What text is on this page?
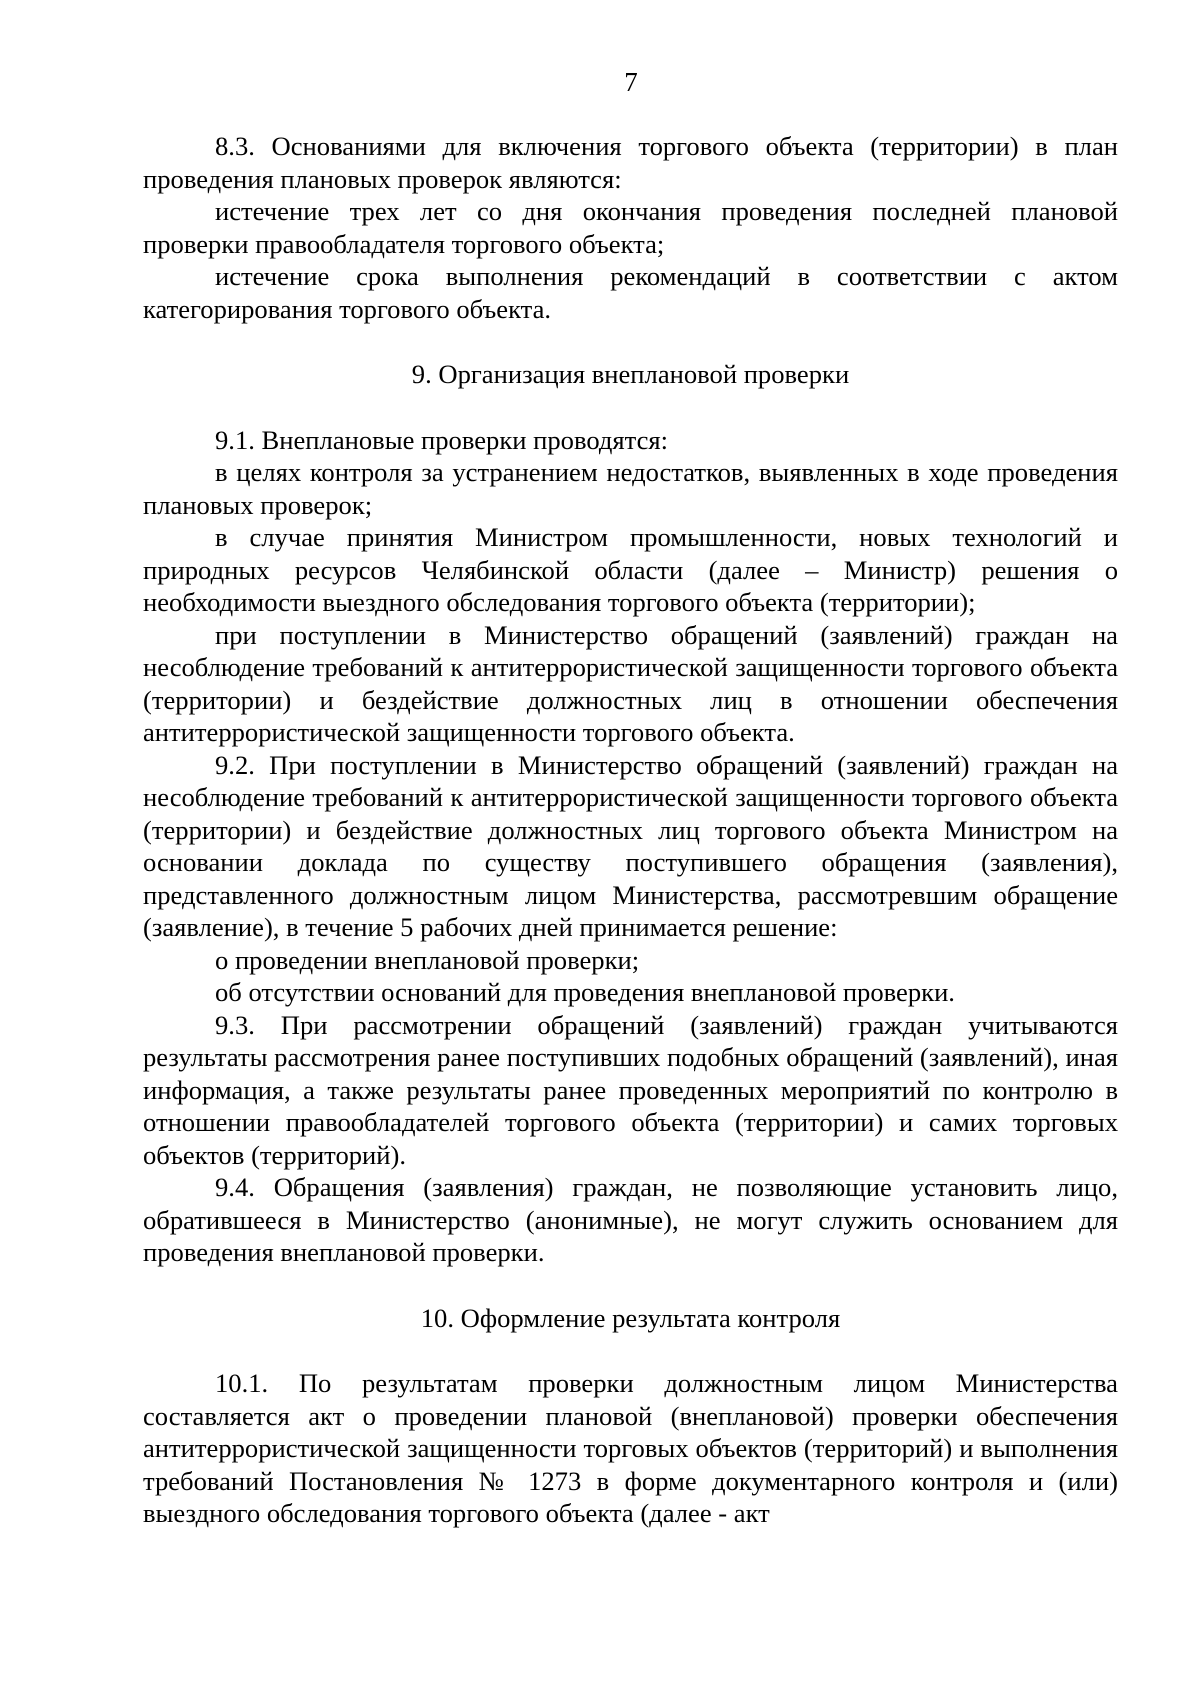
7

8.3. Основаниями для включения торгового объекта (территории) в план проведения плановых проверок являются:

истечение трех лет со дня окончания проведения последней плановой проверки правообладателя торгового объекта;

истечение срока выполнения рекомендаций в соответствии с актом категорирования торгового объекта.

9. Организация внеплановой проверки

9.1. Внеплановые проверки проводятся:

в целях контроля за устранением недостатков, выявленных в ходе проведения плановых проверок;

в случае принятия Министром промышленности, новых технологий и природных ресурсов Челябинской области (далее – Министр) решения о необходимости выездного обследования торгового объекта (территории);

при поступлении в Министерство обращений (заявлений) граждан на несоблюдение требований к антитеррористической защищенности торгового объекта (территории) и бездействие должностных лиц в отношении обеспечения антитеррористической защищенности торгового объекта.

9.2. При поступлении в Министерство обращений (заявлений) граждан на несоблюдение требований к антитеррористической защищенности торгового объекта (территории) и бездействие должностных лиц торгового объекта Министром на основании доклада по существу поступившего обращения (заявления), представленного должностным лицом Министерства, рассмотревшим обращение (заявление), в течение 5 рабочих дней принимается решение:

о проведении внеплановой проверки;

об отсутствии оснований для проведения внеплановой проверки.

9.3. При рассмотрении обращений (заявлений) граждан учитываются результаты рассмотрения ранее поступивших подобных обращений (заявлений), иная информация, а также результаты ранее проведенных мероприятий по контролю в отношении правообладателей торгового объекта (территории) и самих торговых объектов (территорий).

9.4. Обращения (заявления) граждан, не позволяющие установить лицо, обратившееся в Министерство (анонимные), не могут служить основанием для проведения внеплановой проверки.

10. Оформление результата контроля

10.1. По результатам проверки должностным лицом Министерства составляется акт о проведении плановой (внеплановой) проверки обеспечения антитеррористической защищенности торговых объектов (территорий) и выполнения требований Постановления № 1273 в форме документарного контроля и (или) выездного обследования торгового объекта (далее - акт
